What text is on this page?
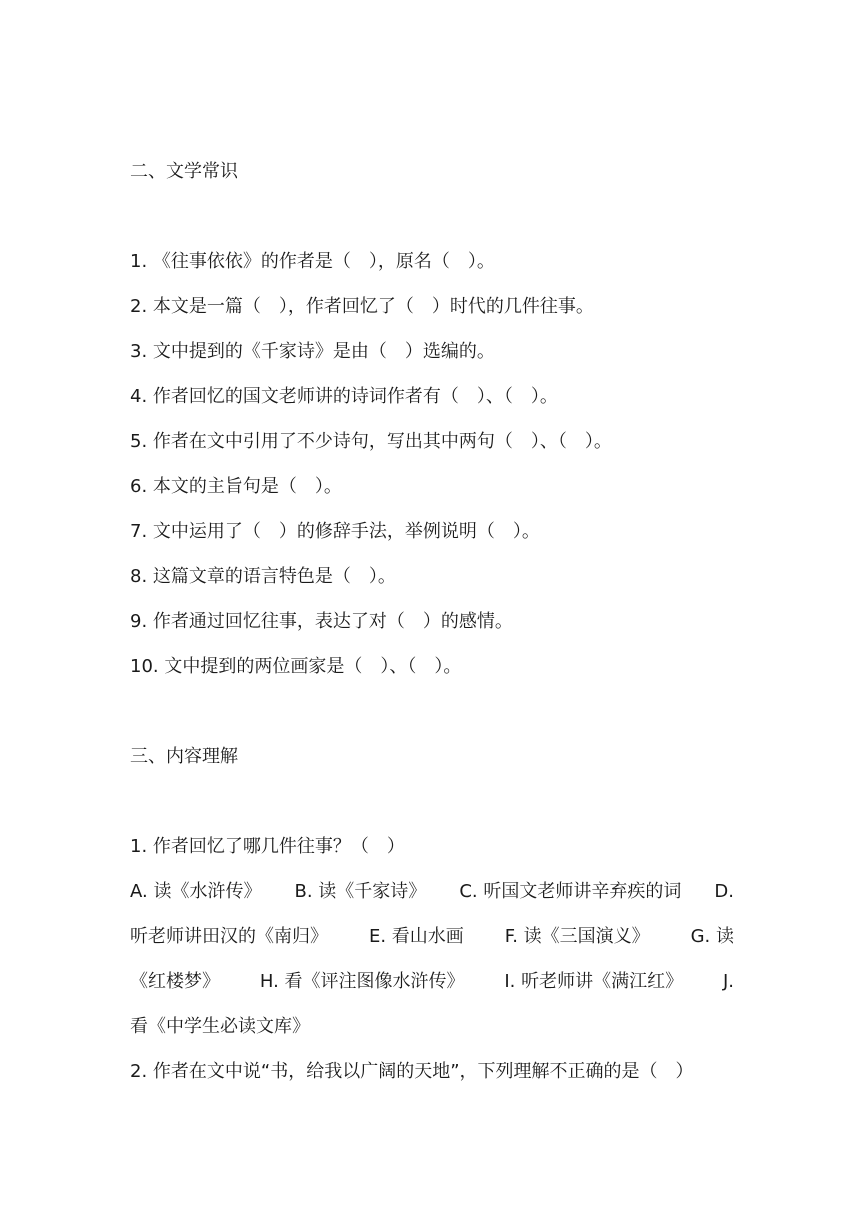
二、文学常识
1. 《往事依依》的作者是（　），原名（　）。
2. 本文是一篇（　），作者回忆了（　）时代的几件往事。
3. 文中提到的《千家诗》是由（　）选编的。
4. 作者回忆的国文老师讲的诗词作者有（　）、（　）。
5. 作者在文中引用了不少诗句，写出其中两句（　）、（　）。
6. 本文的主旨句是（　）。
7. 文中运用了（　）的修辞手法，举例说明（　）。
8. 这篇文章的语言特色是（　）。
9. 作者通过回忆往事，表达了对（　）的感情。
10. 文中提到的两位画家是（　）、（　）。
三、内容理解
1. 作者回忆了哪几件往事？（　）
A. 读《水浒传》 B. 读《千家诗》 C. 听国文老师讲辛弃疾的词 D.
听老师讲田汉的《南归》 E. 看山水画 F. 读《三国演义》 G. 读
《红楼梦》 H. 看《评注图像水浒传》 I. 听老师讲《满江红》 J.
看《中学生必读文库》
2. 作者在文中说“书，给我以广阔的天地”，下列理解不正确的是（　）
